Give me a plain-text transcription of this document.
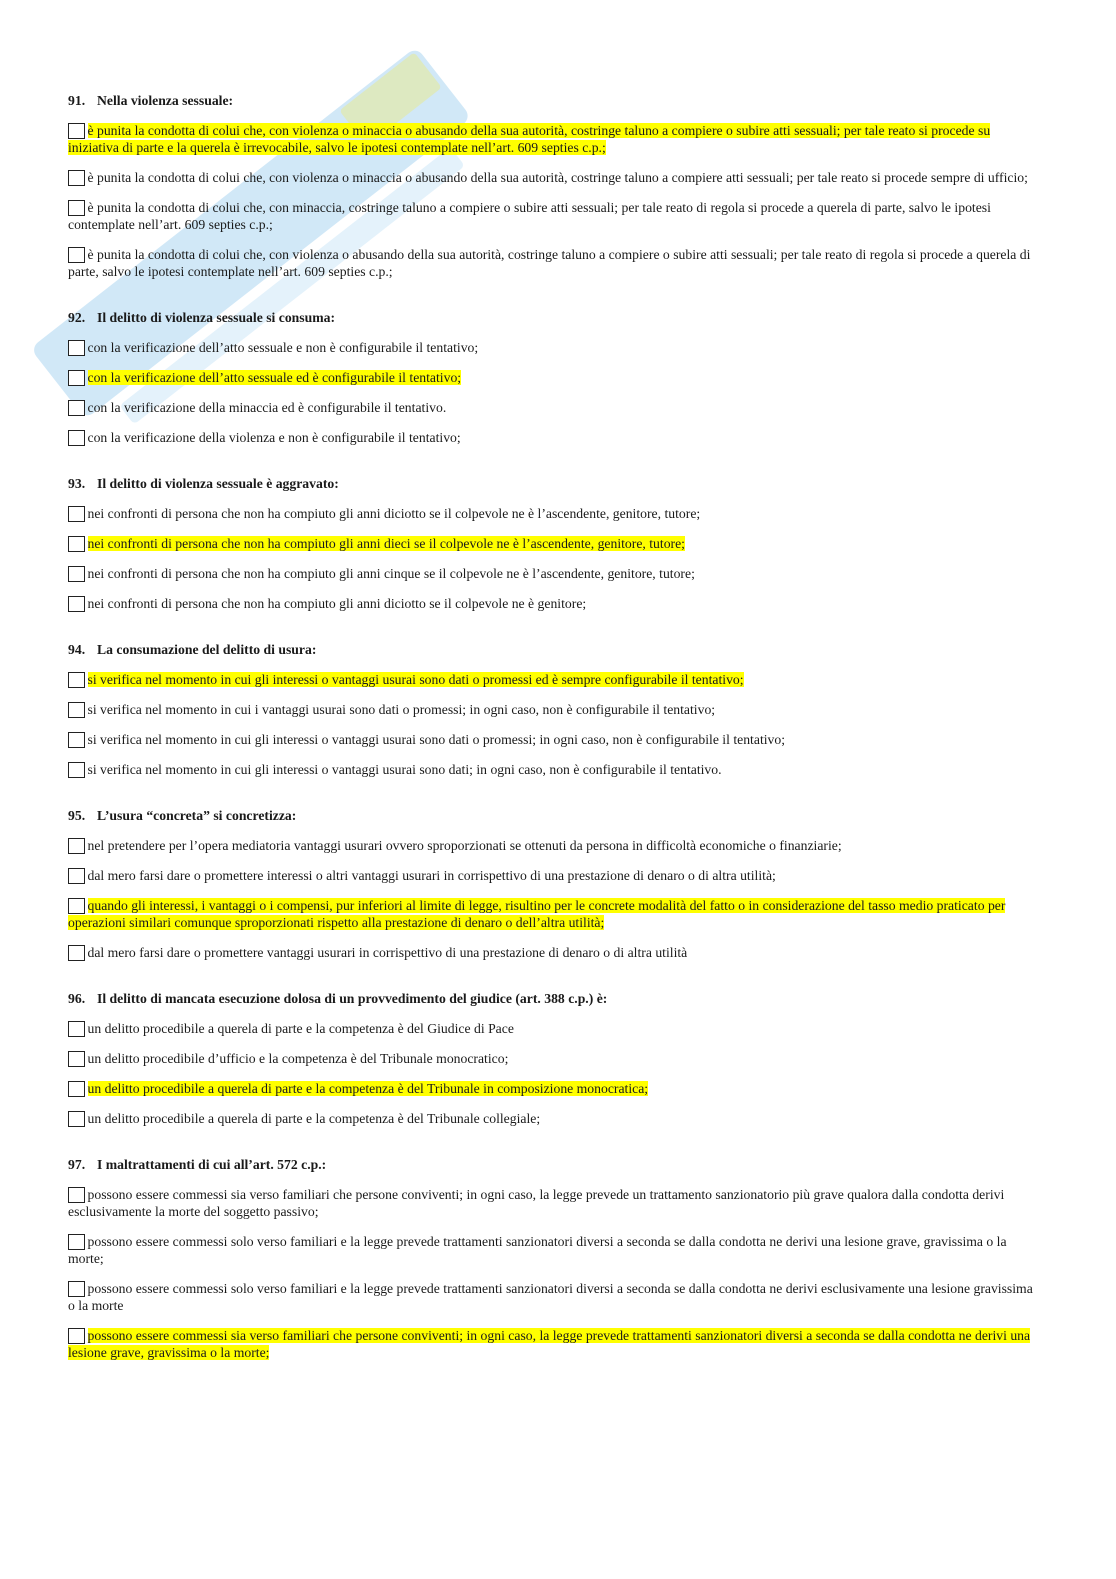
91. Nella violenza sessuale:
è punita la condotta di colui che, con violenza o minaccia o abusando della sua autorità, costringe taluno a compiere o subire atti sessuali; per tale reato si procede su
iniziativa di parte e la querela è irrevocabile, salvo le ipotesi contemplate nell’art. 609 septies c.p.;
è punita la condotta di colui che, con violenza o minaccia o abusando della sua autorità, costringe taluno a compiere atti sessuali; per tale reato si procede sempre di ufficio;
è punita la condotta di colui che, con minaccia, costringe taluno a compiere o subire atti sessuali; per tale reato di regola si procede a querela di parte, salvo le ipotesi
contemplate nell’art. 609 septies c.p.;
è punita la condotta di colui che, con violenza o abusando della sua autorità, costringe taluno a compiere o subire atti sessuali; per tale reato di regola si procede a querela di
parte, salvo le ipotesi contemplate nell’art. 609 septies c.p.;
92. Il delitto di violenza sessuale si consuma:
con la verificazione dell’atto sessuale e non è configurabile il tentativo;
con la verificazione dell’atto sessuale ed è configurabile il tentativo;
con la verificazione della minaccia ed è configurabile il tentativo.
con la verificazione della violenza e non è configurabile il tentativo;
93. Il delitto di violenza sessuale è aggravato:
nei confronti di persona che non ha compiuto gli anni diciotto se il colpevole ne è l’ascendente, genitore, tutore;
nei confronti di persona che non ha compiuto gli anni dieci se il colpevole ne è l’ascendente, genitore, tutore;
nei confronti di persona che non ha compiuto gli anni cinque se il colpevole ne è l’ascendente, genitore, tutore;
nei confronti di persona che non ha compiuto gli anni diciotto se il colpevole ne è genitore;
94. La consumazione del delitto di usura:
si verifica nel momento in cui gli interessi o vantaggi usurai sono dati o promessi ed è sempre configurabile il tentativo;
si verifica nel momento in cui i vantaggi usurai sono dati o promessi; in ogni caso, non è configurabile il tentativo;
si verifica nel momento in cui gli interessi o vantaggi usurai sono dati o promessi; in ogni caso, non è configurabile il tentativo;
si verifica nel momento in cui gli interessi o vantaggi usurai sono dati; in ogni caso, non è configurabile il tentativo.
95. L’usura “concreta” si concretizza:
nel pretendere per l’opera mediatoria vantaggi usurari ovvero sproporzionati se ottenuti da persona in difficoltà economiche o finanziarie;
dal mero farsi dare o promettere interessi o altri vantaggi usurari in corrispettivo di una prestazione di denaro o di altra utilità;
quando gli interessi, i vantaggi o i compensi, pur inferiori al limite di legge, risultino per le concrete modalità del fatto o in considerazione del tasso medio praticato per
operazioni similari comunque sproporzionati rispetto alla prestazione di denaro o dell’altra utilità;
dal mero farsi dare o promettere vantaggi usurari in corrispettivo di una prestazione di denaro o di altra utilità
96. Il delitto di mancata esecuzione dolosa di un provvedimento del giudice (art. 388 c.p.) è:
un delitto procedibile a querela di parte e la competenza è del Giudice di Pace
un delitto procedibile d’ufficio e la competenza è del Tribunale monocratico;
un delitto procedibile a querela di parte e la competenza è del Tribunale in composizione monocratica;
un delitto procedibile a querela di parte e la competenza è del Tribunale collegiale;
97. I maltrattamenti di cui all’art. 572 c.p.:
possono essere commessi sia verso familiari che persone conviventi; in ogni caso, la legge prevede un trattamento sanzionatorio più grave qualora dalla condotta derivi
esclusivamente la morte del soggetto passivo;
possono essere commessi solo verso familiari e la legge prevede trattamenti sanzionatori diversi a seconda se dalla condotta ne derivi una lesione grave, gravissima o la
morte;
possono essere commessi solo verso familiari e la legge prevede trattamenti sanzionatori diversi a seconda se dalla condotta ne derivi esclusivamente una lesione gravissima
o la morte
possono essere commessi sia verso familiari che persone conviventi; in ogni caso, la legge prevede trattamenti sanzionatori diversi a seconda se dalla condotta ne derivi una
lesione grave, gravissima o la morte;
